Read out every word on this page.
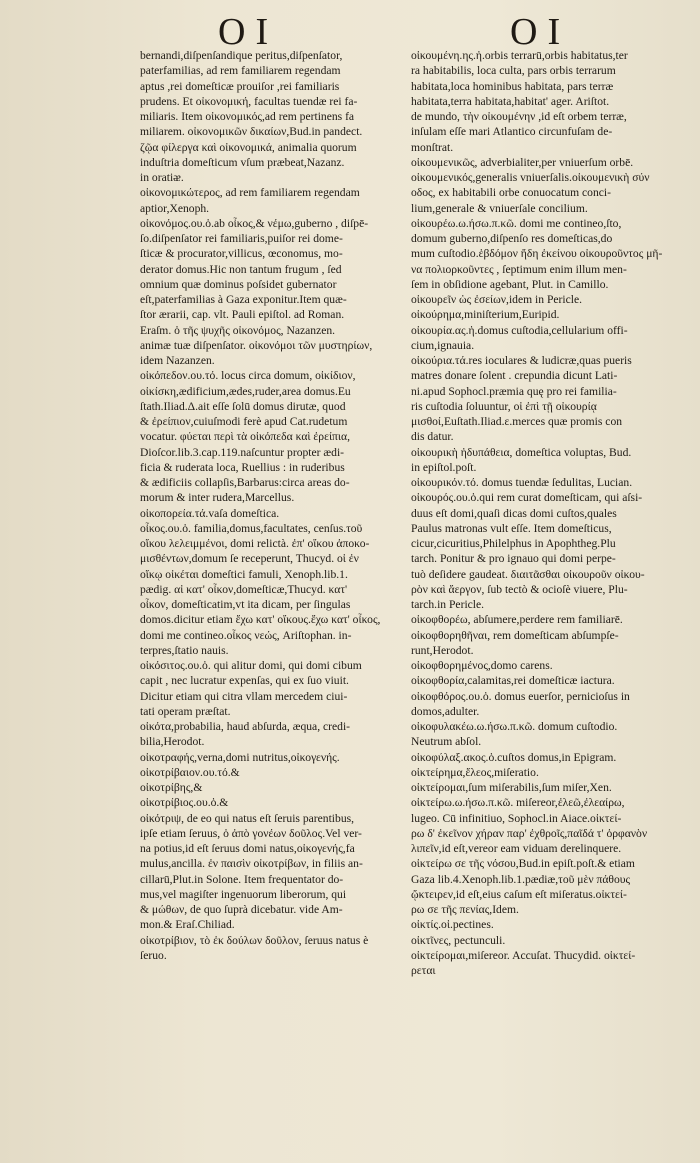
OI	OI
bernandi,diſpenſandique peritus,diſpenſator,
paterfamilias, ad rem familiarem regendam
aptus ,rei domeſticæ prouiſor ,rei familiaris
prudens. Et οἰκονομική, facultas tuendæ rei fa-
miliaris. Item οἰκονομικός,ad rem pertinens fa
miliarem. οἰκονομικῶν δικαίων,Bud.in pandect.
ζῷα φίλεργα καὶ οἰκονομικά, animalia quorum
induſtria domeſticum vſum præbeat,Nazanz.
in oratiᴂ.
οἰκονομικώτερος, ad rem familiarem regendam
aptior,Xenoph.
οἰκονόμος.ου.ὁ.ab οἶκος,& νέμω,guberno , diſpē-
ſo.diſpenſator rei familiaris,puiſor rei dome-
ſticæ & procurator,villicus, œconomus, mo-
derator domus.Hic non tantum frugum , ſed
omnium quæ dominus poſsidet gubernator
eſt,paterfamilias à Gaza exponitur.Item quæ-
ſtor ærarii, cap. vlt. Pauli epiſtol. ad Roman.
Eraſm. ὁ τῆς ψυχῆς οἰκονόμος, Nazanzen.
animæ tuæ diſpenſator. οἰκονόμοι τῶν μυστηρίων,
idem Nazanzen.
οἰκόπεδον.ου.τό. locus circa domum, οἰκίδιον,
οἰκίσκη,ædificium,ædes,ruder,area domus.Eu
ſtath.Iliad.Δ.ait eſſe ſolū domus dirutæ, quod
& ἐρείπιον,cuiuſmodi ferè apud Cat.rudetum
vocatur. φύεται περὶ τὰ οἰκόπεδα καὶ ἐρείπια,
Dioſcor.lib.3.cap.119.naſcuntur propter ædi-
ficia & ruderata loca, Ruellius : in ruderibus
& ædificiis collapſis,Barbarus:circa areas do-
morum & inter rudera,Marcellus.
οἰκοπορεία.τά.vaſa domeſtica.
οἶκος.ου.ὁ. familia,domus,facultates, cenſus.τοῦ
οἴκου λελειμμένοι, domi relictà. ἐπ' οἴκου ἀποκο-
μισθέντων,domum ſe receperunt, Thucyd. οἱ ἐν
οἴκῳ οἰκέται domeſtici famuli, Xenoph.lib.1.
pædig. αἱ κατ' οἶκον,domeſticæ,Thucyd. κατ'
οἶκον, domeſticatim,vt ita dicam, per ſingulas
domos.dicitur etiam ἔχω κατ' οἴκους.ἔχω κατ' οἶκος,
domi me contineo.οἶκος νεώς, Ariſtophan. in-
terpres,ſtatio nauis.
οἰκόσιτος.ου.ὁ. qui alitur domi, qui domi cibum
capit , nec lucratur expenſas, qui ex ſuo viuit.
Dicitur etiam qui citra vllam mercedem ciui-
tati operam præſtat.
οἰκότα,probabilia, haud abſurda, æqua, credi-
bilia,Herodot.
οἰκοτραφής,verna,domi nutritus,οἰκογενής.
οἰκοτρίβαιον.ου.τό.&
οἰκοτρίβης,&
οἰκοτρίβιος.ου.ὁ.&
οἰκότριψ, de eo qui natus eſt ſeruis parentibus,
ipſe etiam ſeruus, ὁ ἀπὸ γονέων δοῦλος.Vel ver-
na potius,id eſt ſeruus domi natus,οἰκογενής,fa
mulus,ancilla. ἐν παισὶν οἰκοτρίβων, in filiis an-
cillarū,Plut.in Solone. Item frequentator do-
mus,vel magiſter ingenuorum liberorum, qui
& μώθων, de quo ſuprà dicebatur. vide Am-
mon.& Eraſ.Chiliad.
οἰκοτρίβιον, τὸ ἐκ δούλων δοῦλον, ſeruus natus è
ſeruo.
οἰκουμένη.ης.ἡ.orbis terrarū,orbis habitatus,ter
ra habitabilis, loca culta, pars orbis terrarum
habitata,loca hominibus habitata, pars terræ
habitata,terra habitata,habitat' ager. Ariſtot.
de mundo, τὴν οἰκουμένην ,id eſt orbem terræ,
inſulam eſſe mari Atlantico circunfuſam de-
monſtrat.
οἰκουμενικῶς, adverbialiter,per vniuerſum orbē.
οἰκουμενικός,generalis vniuerſalis.οἰκουμενικὴ σύν
οδος, ex habitabili orbe conuocatum conci-
lium,generale & vniuerſale concilium.
οἰκουρέω.ω.ήσω.π.κῶ. domi me contineo,ſto,
domum guberno,diſpenſo res domeſticas,do
mum cuſtodio.ἑβδόμον ἤδη ἐκείνου οἰκουροῦντος μῆ-
να πολιορκοῦντες , ſeptimum enim illum men-
ſem in obſidione agebant, Plut. in Camillo.
οἰκουρεῖν ὡς ἐσείων,idem in Pericle.
οἰκούρημα,miniſterium,Euripid.
οἰκουρία.ας.ἡ.domus cuſtodia,cellularium offi-
cium,ignauia.
οἰκούρια.τά.res ioculares & ludicræ,quas pueris
matres donare ſolent . crepundia dicunt Lati-
ni.apud Sophocl.præmia quę pro rei familia-
ris cuſtodia ſoluuntur, οἱ ἐπὶ τῇ οἰκουρίᾳ
μισθοί,Euſtath.Iliad.ε.merces quæ promis con
dis datur.
οἰκουρικὴ ἡδυπάθεια, domeſtica voluptas, Bud.
in epiſtol.poſt.
οἰκουρικόν.τό. domus tuendæ ſedulitas, Lucian.
οἰκουρός.ου.ὁ.qui rem curat domeſticam, qui aſsi-
duus eſt domi,quaſi dicas domi cuſtos,quales
Paulus matronas vult eſſe. Item domeſticus,
cicur,cicuritius,Philelphus in Apophtheg.Plu
tarch. Ponitur & pro ignauo qui domi perpe-
tuò deſidere gaudeat. διαιτᾶσθαι οἰκουροῦν οἰκου-
ρὸν καὶ ἄεργον, ſub tectò & ocioſè viuere, Plu-
tarch.in Pericle.
οἰκοφθορέω, abſumere,perdere rem familiarē.
οἰκοφθορηθῆναι, rem domeſticam abſumpſe-
runt,Herodot.
οἰκοφθορημένος,domo carens.
οἰκοφθορία,calamitas,rei domeſticæ iactura.
οἰκοφθόρος.ου.ὁ. domus euerſor, pernicioſus in
domos,adulter.
οἰκοφυλακέω.ω.ήσω.π.κῶ. domum cuſtodio.
Neutrum abſol.
οἰκοφύλαξ.ακος.ὁ.cuſtos domus,in Epigram.
οἰκτείρημα,ἔλεος,miſeratio.
οἰκτείρομαι,ſum miſerabilis,ſum miſer,Xen.
οἰκτείρω.ω.ήσω.π.κῶ. miſereor,ἐλεῶ,ἐλεαίρω,
lugeo. Cū infinitiuo, Sophocl.in Aiace.οἰκτεί-
ρω δ' ἐκεῖνον χήραν παρ' ἐχθροῖς,παῖδά τ' ὀρφανὸν
λιπεῖν,id eſt,vereor eam viduam derelinquere.
οἰκτείρω σε τῆς νόσου,Bud.in epiſt.poſt.& etiam
Gaza lib.4.Xenoph.lib.1.pædiæ,τοῦ μὲν πάθους
ᾤκτειρεν,id eſt,eius caſum eſt miſeratus.οἰκτεί-
ρω σε τῆς πενίας,Idem.
οἰκτίς.οἱ.pectines.
οἰκτῖνες, pectunculi.
οἰκτείρομαι,miſereor. Accuſat. Thucydid. οἰκτεί-
ρεται
